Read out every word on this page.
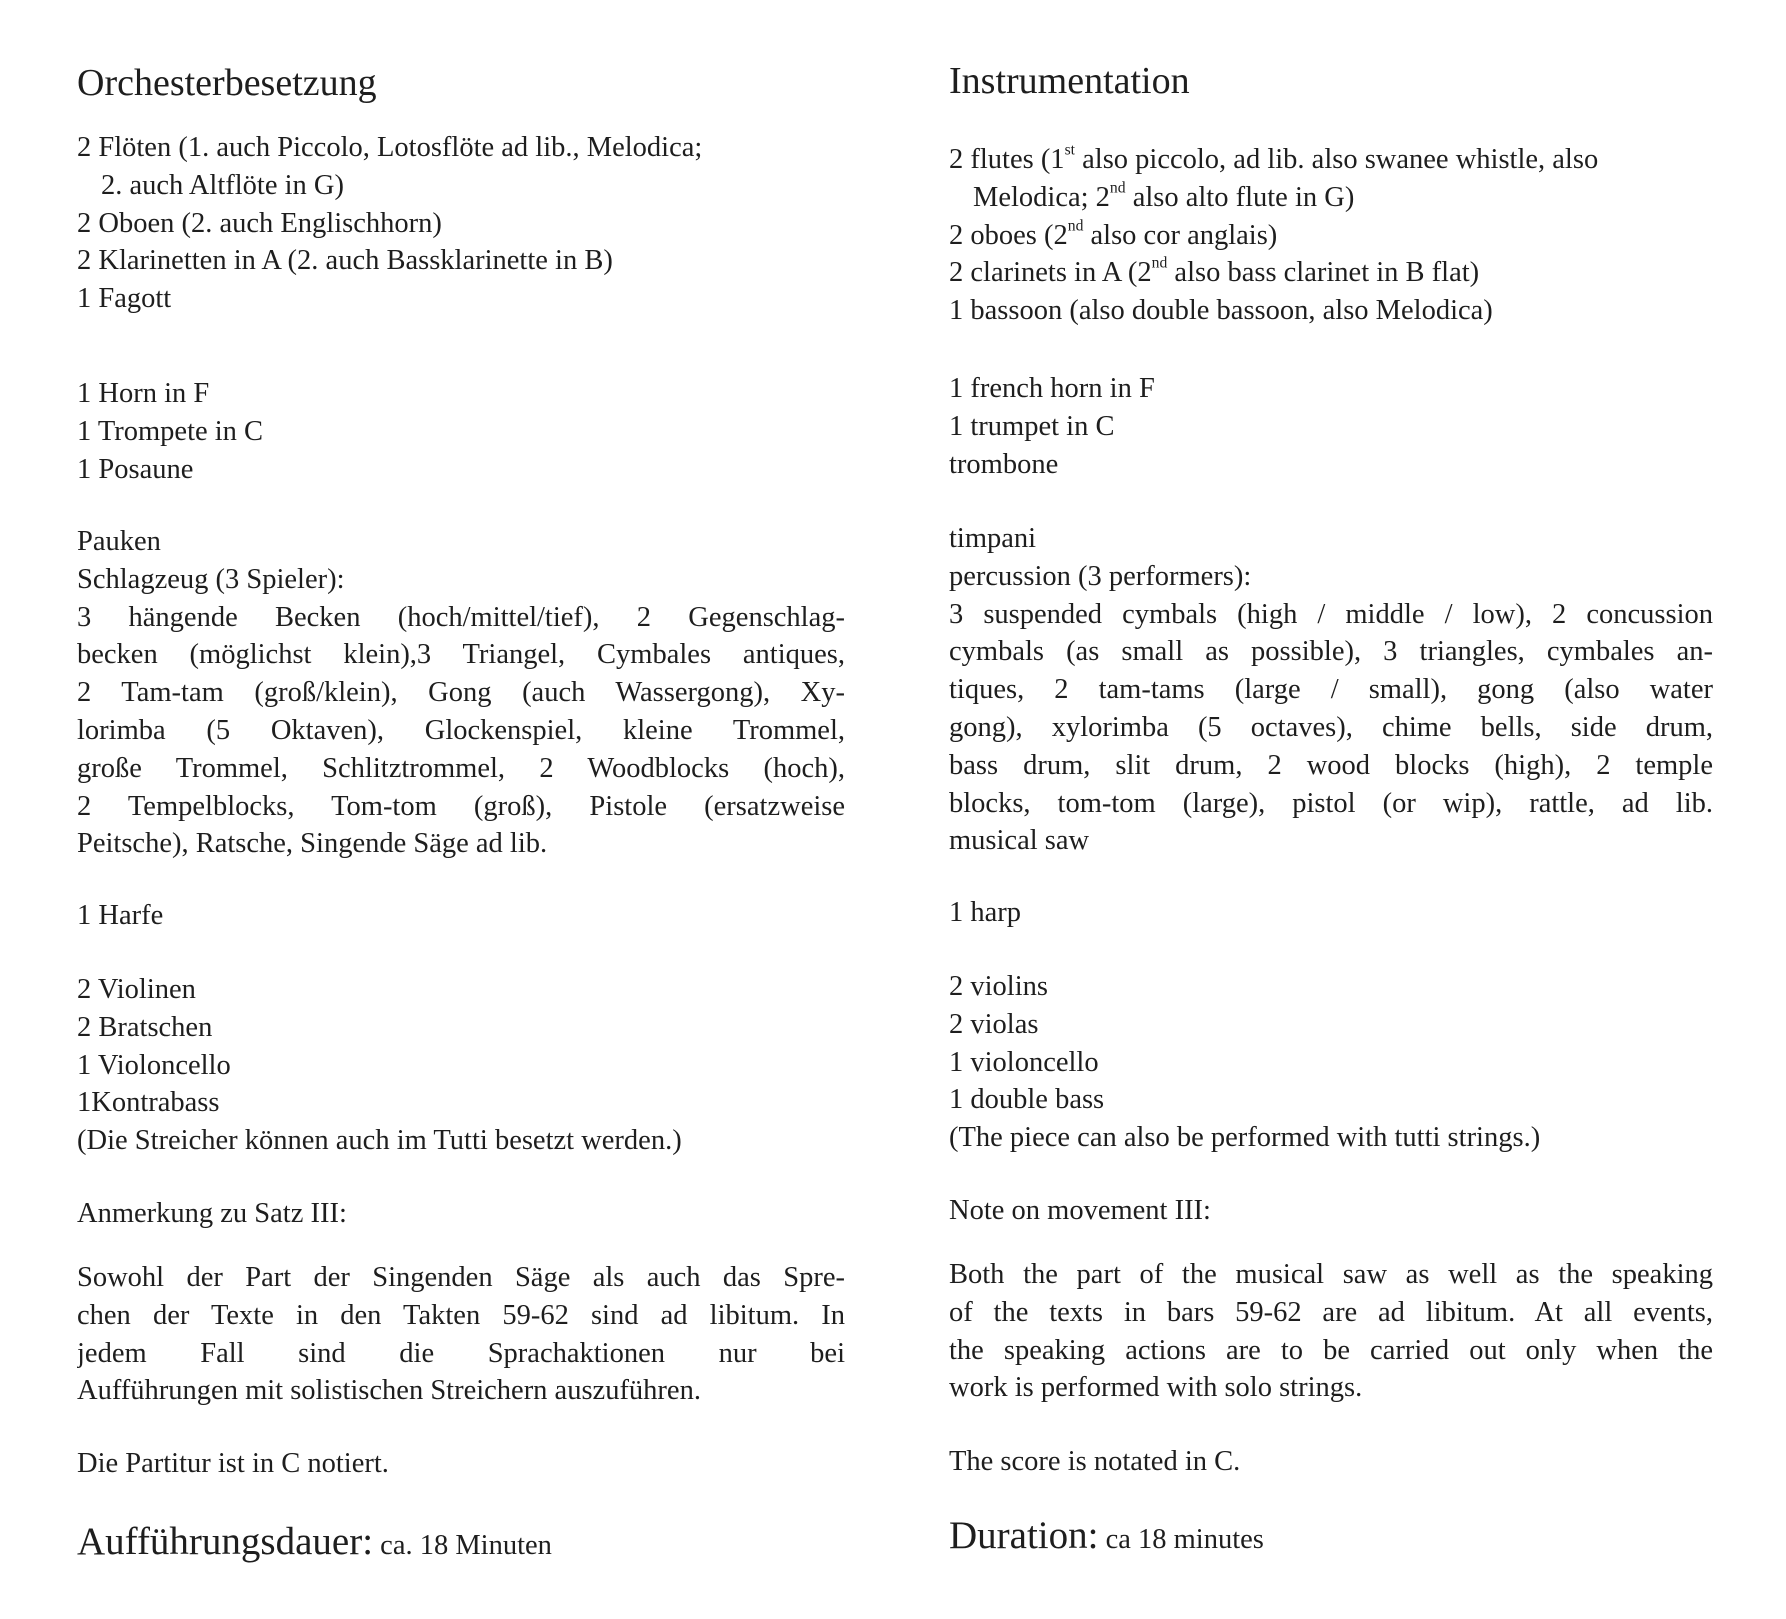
Orchesterbesetzung
2 Flöten (1. auch Piccolo, Lotosflöte ad lib., Melodica;
2. auch Altflöte in G)
2 Oboen (2. auch Englischhorn)
2 Klarinetten in A (2. auch Bassklarinette in B)
1 Fagott
1 Horn in F
1 Trompete in C
1 Posaune
Pauken
Schlagzeug (3 Spieler):
3 hängende Becken (hoch/mittel/tief), 2 Gegenschlag-
becken (möglichst klein),3 Triangel, Cymbales antiques,
2 Tam-tam (groß/klein), Gong (auch Wassergong), Xy-
lorimba (5 Oktaven), Glockenspiel, kleine Trommel,
große Trommel, Schlitztrommel, 2 Woodblocks (hoch),
2 Tempelblocks, Tom-tom (groß), Pistole (ersatzweise
Peitsche), Ratsche, Singende Säge ad lib.
1 Harfe
2 Violinen
2 Bratschen
1 Violoncello
1Kontrabass
(Die Streicher können auch im Tutti besetzt werden.)
Anmerkung zu Satz III:
Sowohl der Part der Singenden Säge als auch das Spre-
chen der Texte in den Takten 59-62 sind ad libitum. In
jedem Fall sind die Sprachaktionen nur bei
Aufführungen mit solistischen Streichern auszuführen.
Die Partitur ist in C notiert.
Aufführungsdauer: ca. 18 Minuten
Instrumentation
2 flutes (1st also piccolo, ad lib. also swanee whistle, also
Melodica; 2nd also alto flute in G)
2 oboes (2nd also cor anglais)
2 clarinets in A (2nd also bass clarinet in B flat)
1 bassoon (also double bassoon, also Melodica)
1 french horn in F
1 trumpet in C
trombone
timpani
percussion (3 performers):
3 suspended cymbals (high / middle / low), 2 concussion
cymbals (as small as possible), 3 triangles, cymbales an-
tiques, 2 tam-tams (large / small), gong (also water
gong), xylorimba (5 octaves), chime bells, side drum,
bass drum, slit drum, 2 wood blocks (high), 2 temple
blocks, tom-tom (large), pistol (or wip), rattle, ad lib.
musical saw
1 harp
2 violins
2 violas
1 violoncello
1 double bass
(The piece can also be performed with tutti strings.)
Note on movement III:
Both the part of the musical saw as well as the speaking
of the texts in bars 59-62 are ad libitum. At all events,
the speaking actions are to be carried out only when the
work is performed with solo strings.
The score is notated in C.
Duration: ca 18 minutes
